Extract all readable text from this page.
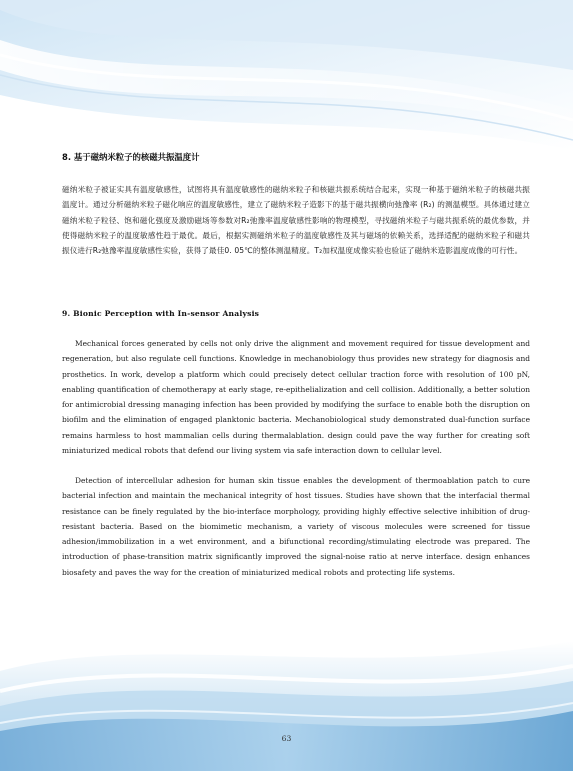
8. 基于磁纳米粒子的核磁共振温度计
磁纳米粒子被证实具有温度敏感性，试图将具有温度敏感性的磁纳米粒子和核磁共振系统结合起来，实现一种基于磁纳米粒子的核磁共振温度计。通过分析磁纳米粒子磁化响应的温度敏感性，建立了磁纳米粒子造影下的基于磁共振横向弛豫率 (R₂) 的测温模型。具体通过建立磁纳米粒子粒径、饱和磁化强度及激励磁场等参数对R₂弛豫率温度敏感性影响的物理模型，寻找磁纳米粒子与磁共振系统的最优参数，并使得磁纳米粒子的温度敏感性趋于最优。最后，根据实测磁纳米粒子的温度敏感性及其与磁场的依赖关系，选择适配的磁纳米粒子和磁共振仪进行R₂弛豫率温度敏感性实验，获得了最佳0. 05℃的整体测温精度。T₂加权温度成像实验也验证了磁纳米造影温度成像的可行性。
9. Bionic Perception with In-sensor Analysis

Mechanical forces generated by cells not only drive the alignment and movement required for tissue development and regeneration, but also regulate cell functions. Knowledge in mechanobiology thus provides new strategy for diagnosis and prosthetics. In work, develop a platform which could precisely detect cellular traction force with resolution of 100 pN, enabling quantification of chemotherapy at early stage, re-epithelialization and cell collision. Additionally, a better solution for antimicrobial dressing managing infection has been provided by modifying the surface to enable both the disruption on biofilm and the elimination of engaged planktonic bacteria. Mechanobiological study demonstrated dual-function surface remains harmless to host mammalian cells during thermalablation. design could pave the way further for creating soft miniaturized medical robots that defend our living system via safe interaction down to cellular level.

Detection of intercellular adhesion for human skin tissue enables the development of thermoablation patch to cure bacterial infection and maintain the mechanical integrity of host tissues. Studies have shown that the interfacial thermal resistance can be finely regulated by the bio-interface morphology, providing highly effective selective inhibition of drug-resistant bacteria. Based on the biomimetic mechanism, a variety of viscous molecules were screened for tissue adhesion/immobilization in a wet environment, and a bifunctional recording/stimulating electrode was prepared. The introduction of phase-transition matrix significantly improved the signal-noise ratio at nerve interface. design enhances biosafety and paves the way for the creation of miniaturized medical robots and protecting life systems.

63
